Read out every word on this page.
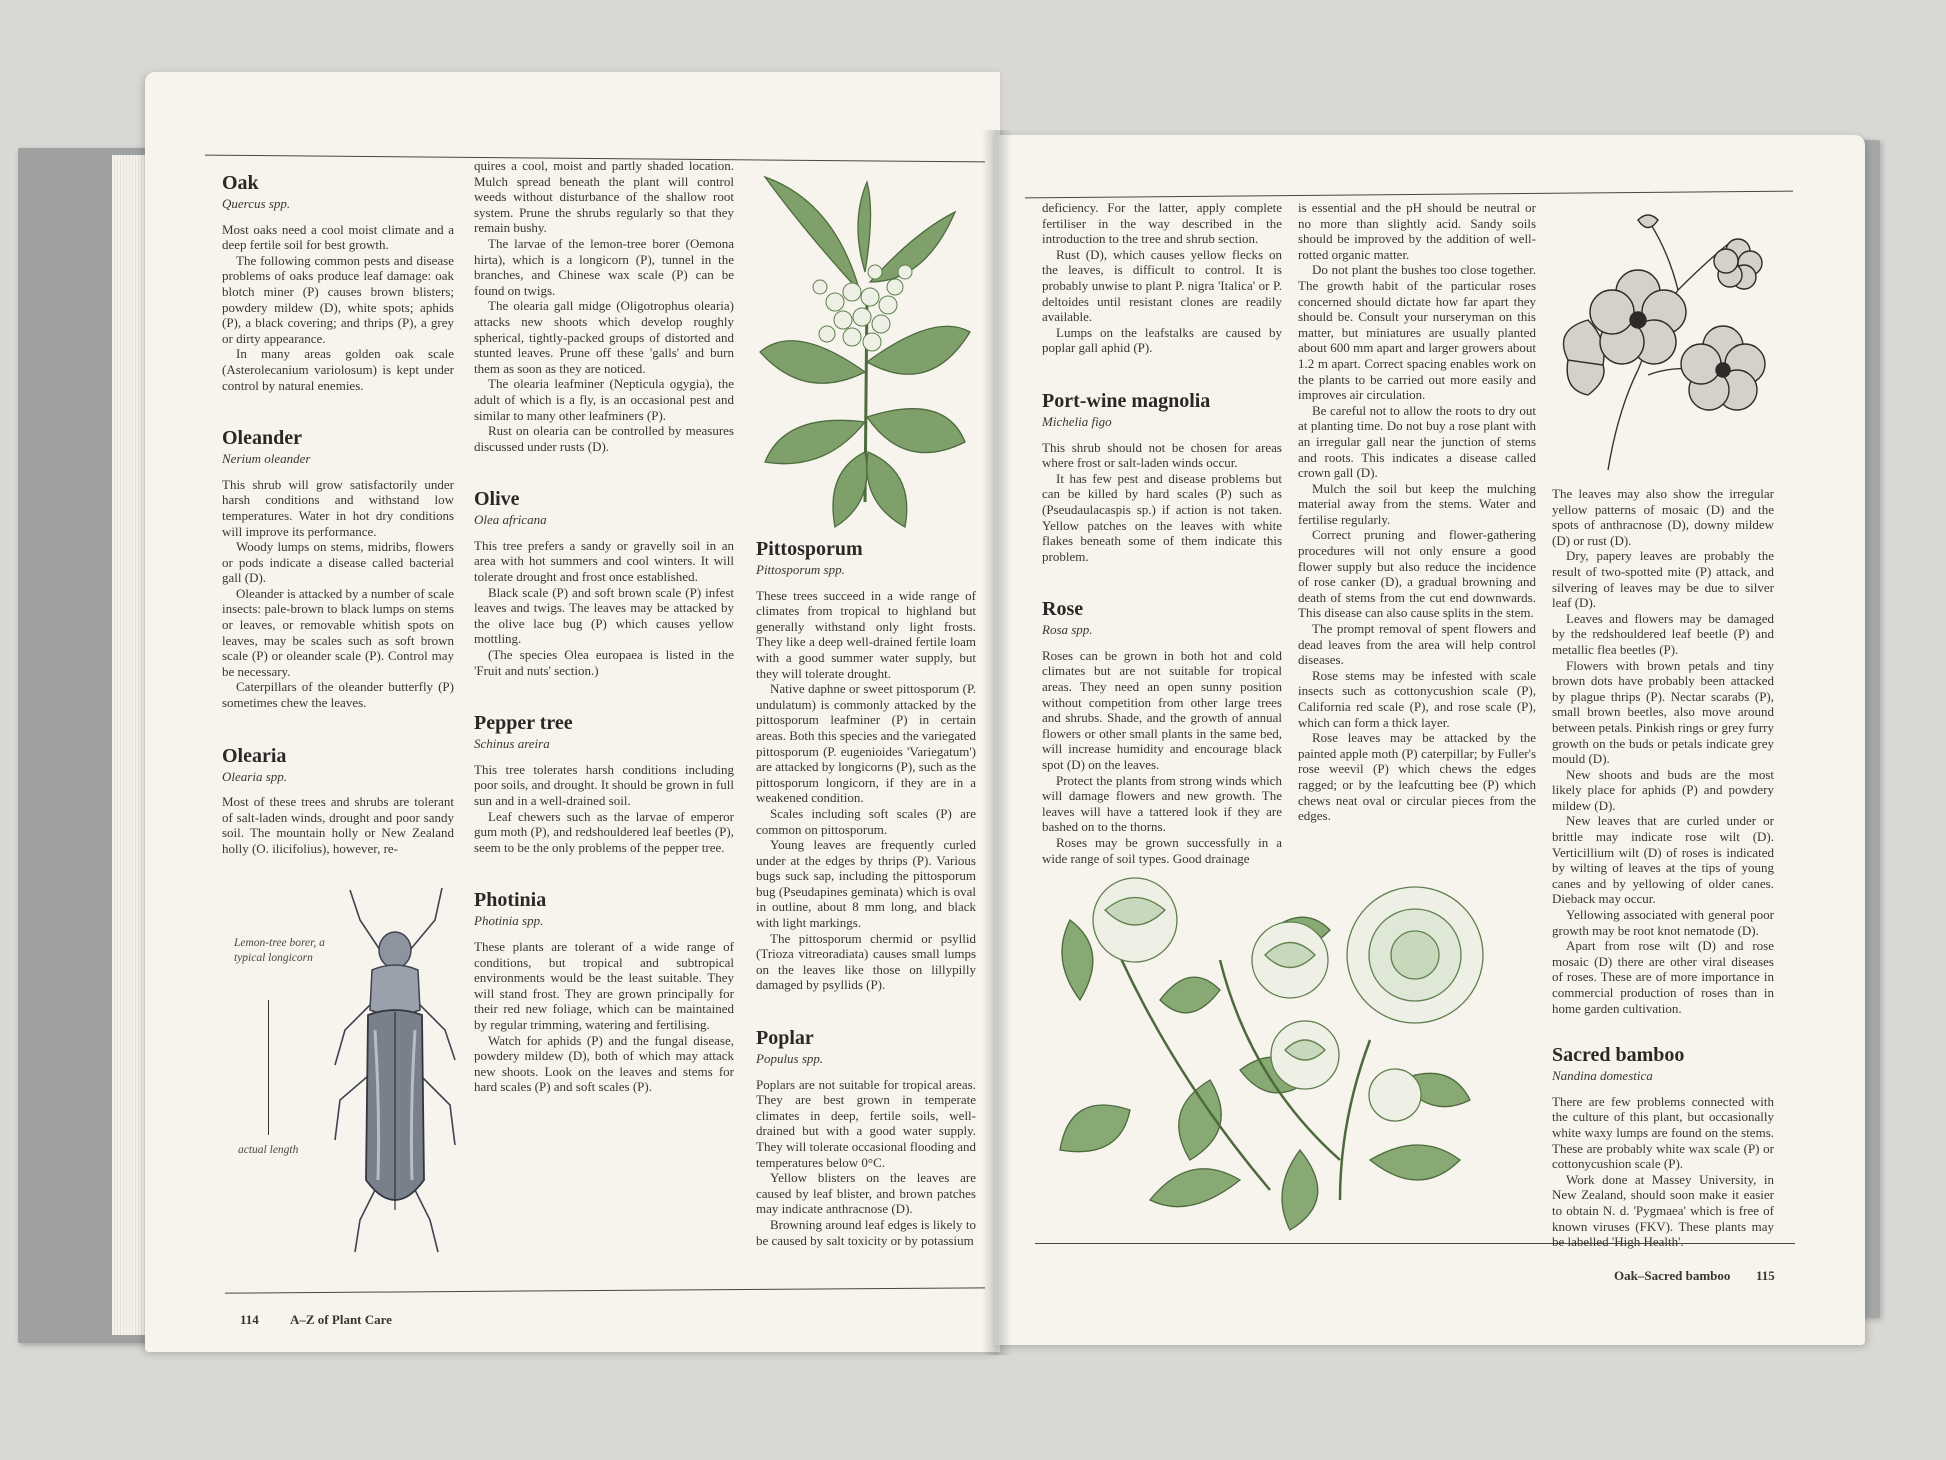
Oak
Quercus spp.

Most oaks need a cool moist climate and a deep fertile soil for best growth.

The following common pests and disease problems of oaks produce leaf damage: oak blotch miner (P) causes brown blisters; powdery mildew (D), white spots; aphids (P), a black covering; and thrips (P), a grey or dirty appearance.

In many areas golden oak scale (Asterolecanium variolosum) is kept under control by natural enemies.

Oleander
Nerium oleander

This shrub will grow satisfactorily under harsh conditions and withstand low temperatures. Water in hot dry conditions will improve its performance.

Woody lumps on stems, midribs, flowers or pods indicate a disease called bacterial gall (D).

Oleander is attacked by a number of scale insects: pale-brown to black lumps on stems or leaves, or removable whitish spots on leaves, may be scales such as soft brown scale (P) or oleander scale (P). Control may be necessary.

Caterpillars of the oleander butterfly (P) sometimes chew the leaves.

Olearia
Olearia spp.

Most of these trees and shrubs are tolerant of salt-laden winds, drought and poor sandy soil. The mountain holly or New Zealand holly (O. ilicifolius), however, re-

Lemon-tree borer, a typical longicorn
actual length

quires a cool, moist and partly shaded location. Mulch spread beneath the plant will control weeds without disturbance of the shallow root system. Prune the shrubs regularly so that they remain bushy.

The larvae of the lemon-tree borer (Oemona hirta), which is a longicorn (P), tunnel in the branches, and Chinese wax scale (P) can be found on twigs.

The olearia gall midge (Oligotrophus olearia) attacks new shoots which develop roughly spherical, tightly-packed groups of distorted and stunted leaves. Prune off these 'galls' and burn them as soon as they are noticed.

The olearia leafminer (Nepticula ogygia), the adult of which is a fly, is an occasional pest and similar to many other leafminers (P).

Rust on olearia can be controlled by measures discussed under rusts (D).

Olive
Olea africana

This tree prefers a sandy or gravelly soil in an area with hot summers and cool winters. It will tolerate drought and frost once established.

Black scale (P) and soft brown scale (P) infest leaves and twigs. The leaves may be attacked by the olive lace bug (P) which causes yellow mottling.

(The species Olea europaea is listed in the 'Fruit and nuts' section.)

Pepper tree
Schinus areira

This tree tolerates harsh conditions including poor soils, and drought. It should be grown in full sun and in a well-drained soil.

Leaf chewers such as the larvae of emperor gum moth (P), and redshouldered leaf beetles (P), seem to be the only problems of the pepper tree.

Photinia
Photinia spp.

These plants are tolerant of a wide range of conditions, but tropical and subtropical environments would be the least suitable. They will stand frost. They are grown principally for their red new foliage, which can be maintained by regular trimming, watering and fertilising.

Watch for aphids (P) and the fungal disease, powdery mildew (D), both of which may attack new shoots. Look on the leaves and stems for hard scales (P) and soft scales (P).

Pittosporum
Pittosporum spp.

These trees succeed in a wide range of climates from tropical to highland but generally withstand only light frosts. They like a deep well-drained fertile loam with a good summer water supply, but they will tolerate drought.

Native daphne or sweet pittosporum (P. undulatum) is commonly attacked by the pittosporum leafminer (P) in certain areas. Both this species and the variegated pittosporum (P. eugenioides 'Variegatum') are attacked by longicorns (P), such as the pittosporum longicorn, if they are in a weakened condition.

Scales including soft scales (P) are common on pittosporum.

Young leaves are frequently curled under at the edges by thrips (P). Various bugs suck sap, including the pittosporum bug (Pseudapines geminata) which is oval in outline, about 8 mm long, and black with light markings.

The pittosporum chermid or psyllid (Trioza vitreoradiata) causes small lumps on the leaves like those on lillypilly damaged by psyllids (P).

Poplar
Populus spp.

Poplars are not suitable for tropical areas. They are best grown in temperate climates in deep, fertile soils, well-drained but with a good water supply. They will tolerate occasional flooding and temperatures below 0°C.

Yellow blisters on the leaves are caused by leaf blister, and brown patches may indicate anthracnose (D).

Browning around leaf edges is likely to be caused by salt toxicity or by potassium

114 A–Z of Plant Care

deficiency. For the latter, apply complete fertiliser in the way described in the introduction to the tree and shrub section.

Rust (D), which causes yellow flecks on the leaves, is difficult to control. It is probably unwise to plant P. nigra 'Italica' or P. deltoides until resistant clones are readily available.

Lumps on the leafstalks are caused by poplar gall aphid (P).

Port-wine magnolia
Michelia figo

This shrub should not be chosen for areas where frost or salt-laden winds occur.

It has few pest and disease problems but can be killed by hard scales (P) such as (Pseudaulacaspis sp.) if action is not taken. Yellow patches on the leaves with white flakes beneath some of them indicate this problem.

Rose
Rosa spp.

Roses can be grown in both hot and cold climates but are not suitable for tropical areas. They need an open sunny position without competition from other large trees and shrubs. Shade, and the growth of annual flowers or other small plants in the same bed, will increase humidity and encourage black spot (D) on the leaves.

Protect the plants from strong winds which will damage flowers and new growth. The leaves will have a tattered look if they are bashed on to the thorns.

Roses may be grown successfully in a wide range of soil types. Good drainage

is essential and the pH should be neutral or no more than slightly acid. Sandy soils should be improved by the addition of well-rotted organic matter.

Do not plant the bushes too close together. The growth habit of the particular roses concerned should dictate how far apart they should be. Consult your nurseryman on this matter, but miniatures are usually planted about 600 mm apart and larger growers about 1.2 m apart. Correct spacing enables work on the plants to be carried out more easily and improves air circulation.

Be careful not to allow the roots to dry out at planting time. Do not buy a rose plant with an irregular gall near the junction of stems and roots. This indicates a disease called crown gall (D).

Mulch the soil but keep the mulching material away from the stems. Water and fertilise regularly.

Correct pruning and flower-gathering procedures will not only ensure a good flower supply but also reduce the incidence of rose canker (D), a gradual browning and death of stems from the cut end downwards. This disease can also cause splits in the stem.

The prompt removal of spent flowers and dead leaves from the area will help control diseases.

Rose stems may be infested with scale insects such as cottonycushion scale (P), California red scale (P), and rose scale (P), which can form a thick layer.

Rose leaves may be attacked by the painted apple moth (P) caterpillar; by Fuller's rose weevil (P) which chews the edges ragged; or by the leafcutting bee (P) which chews neat oval or circular pieces from the edges.

The leaves may also show the irregular yellow patterns of mosaic (D) and the spots of anthracnose (D), downy mildew (D) or rust (D).

Dry, papery leaves are probably the result of two-spotted mite (P) attack, and silvering of leaves may be due to silver leaf (D).

Leaves and flowers may be damaged by the redshouldered leaf beetle (P) and metallic flea beetles (P).

Flowers with brown petals and tiny brown dots have probably been attacked by plague thrips (P). Nectar scarabs (P), small brown beetles, also move around between petals. Pinkish rings or grey furry growth on the buds or petals indicate grey mould (D).

New shoots and buds are the most likely place for aphids (P) and powdery mildew (D).

New leaves that are curled under or brittle may indicate rose wilt (D). Verticillium wilt (D) of roses is indicated by wilting of leaves at the tips of young canes and by yellowing of older canes. Dieback may occur.

Yellowing associated with general poor growth may be root knot nematode (D).

Apart from rose wilt (D) and rose mosaic (D) there are other viral diseases of roses. These are of more importance in commercial production of roses than in home garden cultivation.

Sacred bamboo
Nandina domestica

There are few problems connected with the culture of this plant, but occasionally white waxy lumps are found on the stems. These are probably white wax scale (P) or cottonycushion scale (P).

Work done at Massey University, in New Zealand, should soon make it easier to obtain N. d. 'Pygmaea' which is free of known viruses (FKV). These plants may be labelled 'High Health'.

Oak–Sacred bamboo 115
